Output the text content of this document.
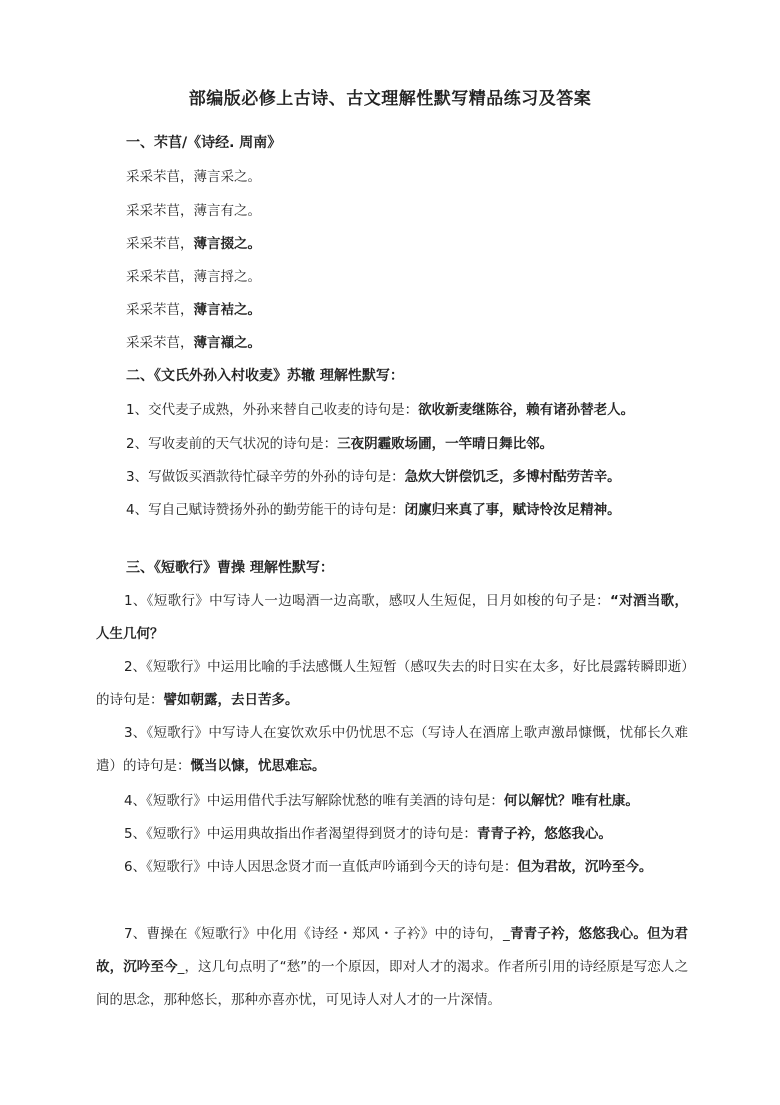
部编版必修上古诗、古文理解性默写精品练习及答案
一、芣苢/《诗经. 周南》
采采芣苢，薄言采之。
采采芣苢，薄言有之。
采采芣苢，薄言掇之。
采采芣苢，薄言捋之。
采采芣苢，薄言袺之。
采采芣苢，薄言襭之。
二、《文氏外孙入村收麦》苏辙 理解性默写：
1、交代麦子成熟，外孙来替自己收麦的诗句是：欲收新麦继陈谷，赖有诸孙替老人。
2、写收麦前的天气状况的诗句是：三夜阴霾败场圃，一竿晴日舞比邻。
3、写做饭买酒款待忙碌辛劳的外孙的诗句是：急炊大饼偿饥乏，多博村酤劳苦辛。
4、写自己赋诗赞扬外孙的勤劳能干的诗句是：闭廪归来真了事，赋诗怜汝足精神。
三、《短歌行》曹操 理解性默写：
1、《短歌行》中写诗人一边喝酒一边高歌，感叹人生短促，日月如梭的句子是：“对酒当歌，人生几何？
2、《短歌行》中运用比喻的手法感慨人生短暂（感叹失去的时日实在太多，好比晨露转瞬即逝）的诗句是：譬如朝露，去日苦多。
3、《短歌行》中写诗人在宴饮欢乐中仍忧思不忘（写诗人在酒席上歌声激昂慷慨，忧郁长久难遣）的诗句是：慨当以慷，忧思难忘。
4、《短歌行》中运用借代手法写解除忧愁的唯有美酒的诗句是：何以解忧？唯有杜康。
5、《短歌行》中运用典故指出作者渴望得到贤才的诗句是：青青子衿，悠悠我心。
6、《短歌行》中诗人因思念贤才而一直低声吟诵到今天的诗句是：但为君故，沉吟至今。
7、曹操在《短歌行》中化用《诗经・郑风・子衿》中的诗句，_青青子衿，悠悠我心。但为君故，沉吟至今_，这几句点明了“愁”的一个原因，即对人才的渴求。作者所引用的诗经原是写恋人之间的思念，那种悠长，那种亦喜亦忧，可见诗人对人才的一片深情。
